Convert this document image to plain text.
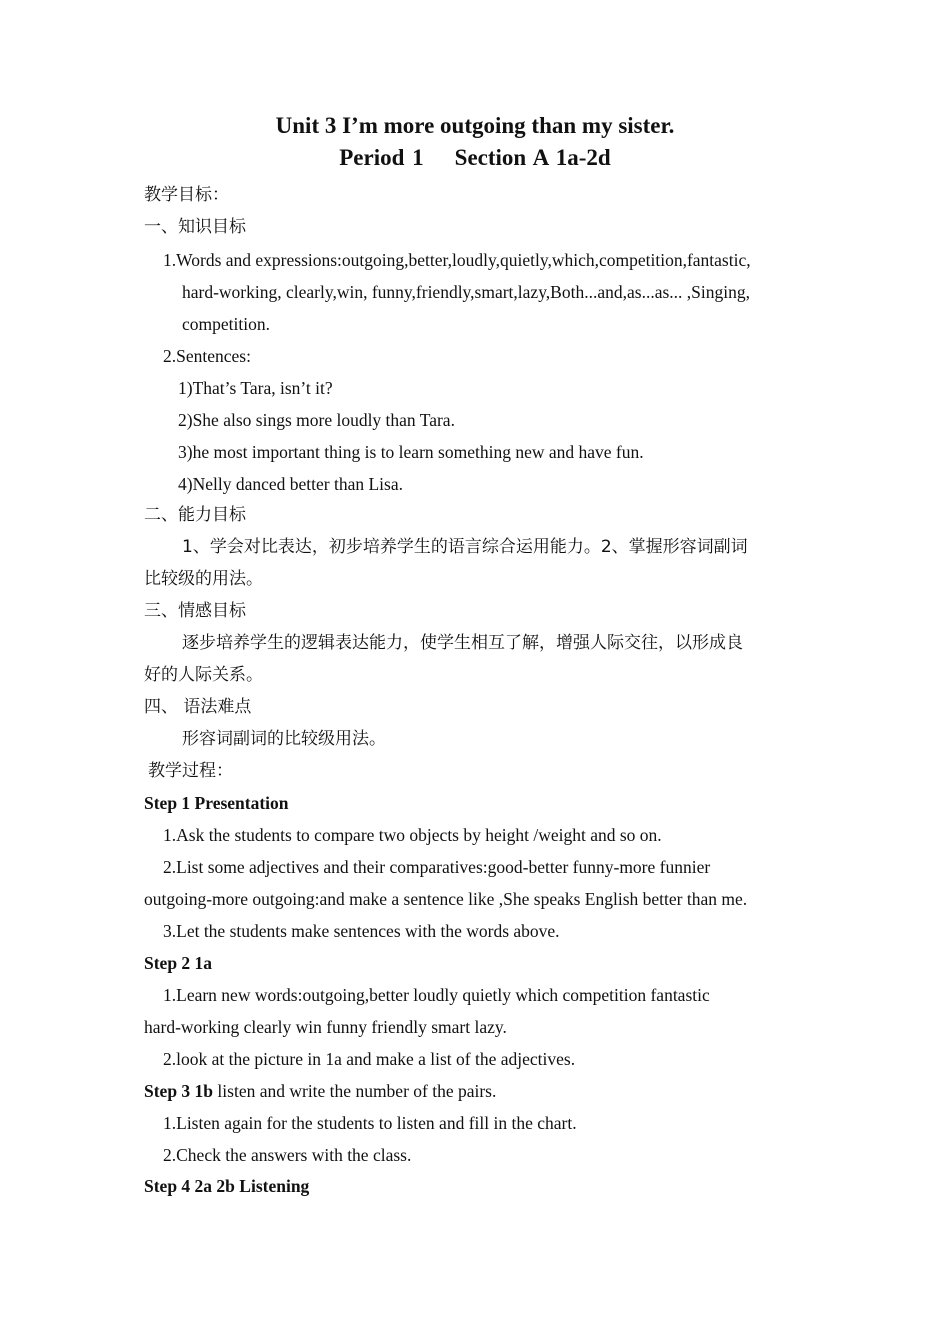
Unit 3 I’m more outgoing than my sister.
Period 1    Section A 1a-2d
教学目标：
一、知识目标
1.Words and expressions:outgoing,better,loudly,quietly,which,competition,fantastic,
hard-working, clearly,win, funny,friendly,smart,lazy,Both...and,as...as... ,Singing,
competition.
2.Sentences:
1)That’s Tara, isn’t it?
2)She also sings more loudly than Tara.
3)he most important thing is to learn something new and have fun.
4)Nelly danced better than Lisa.
二、能力目标
1、学会对比表达，初步培养学生的语言综合运用能力。2、掌握形容词副词
比较级的用法。
三、情感目标
逐步培养学生的逻辑表达能力，使学生相互了解，增强人际交往，以形成良
好的人际关系。
四、 语法难点
形容词副词的比较级用法。
教学过程：
Step 1 Presentation
1.Ask the students to compare two objects by height /weight and so on.
2.List some adjectives and their comparatives:good-better funny-more funnier
outgoing-more outgoing:and make a sentence like ,She speaks English better than me.
3.Let the students make sentences with the words above.
Step 2 1a
1.Learn new words:outgoing,better loudly quietly which competition fantastic
hard-working clearly win funny friendly smart lazy.
2.look at the picture in 1a and make a list of the adjectives.
Step 3 1b listen and write the number of the pairs.
1.Listen again for the students to listen and fill in the chart.
2.Check the answers with the class.
Step 4 2a 2b Listening
